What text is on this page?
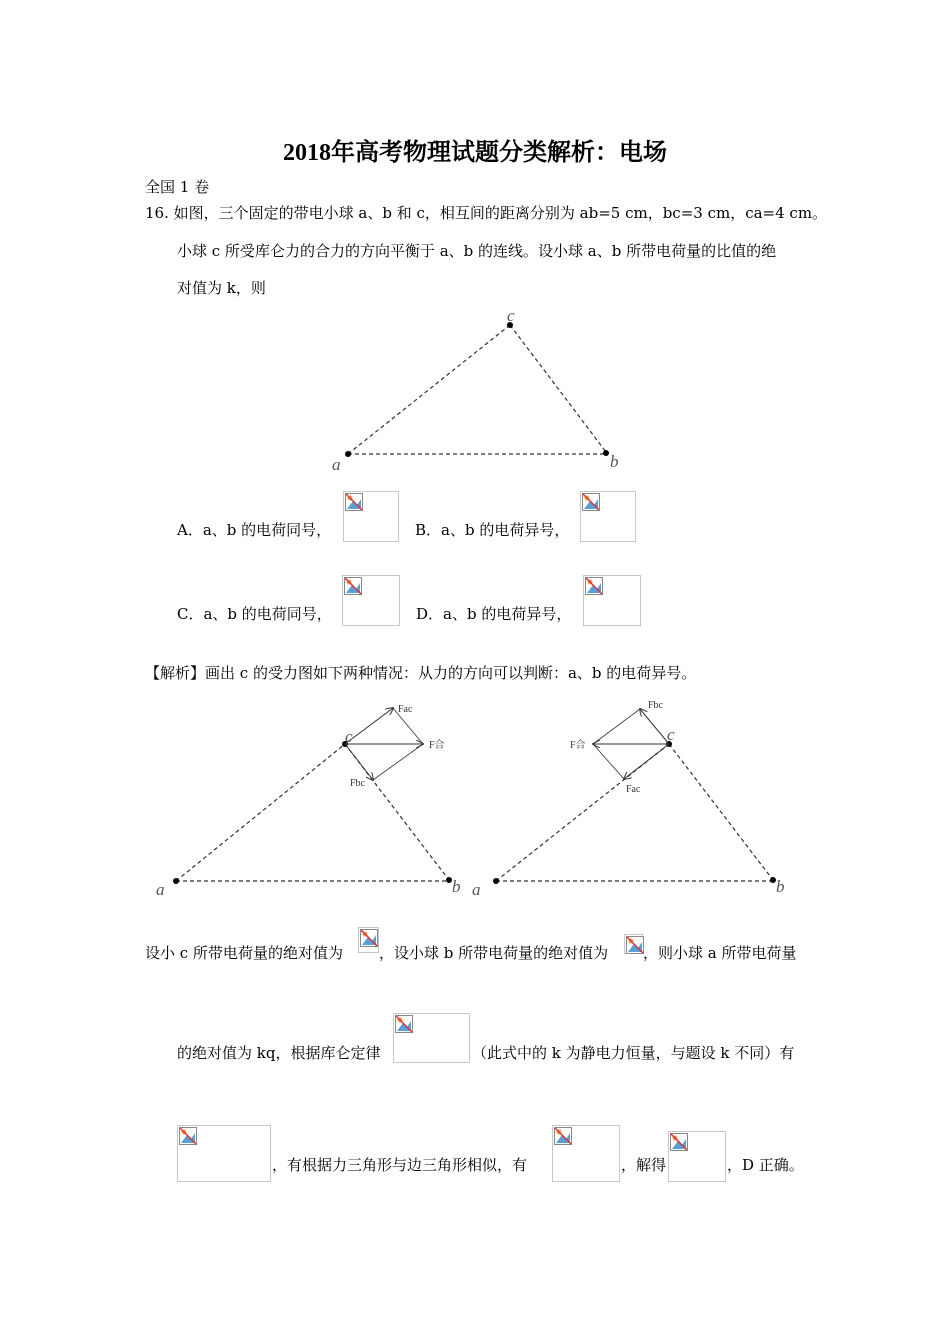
2018年高考物理试题分类解析：电场
全国 1 卷
16. 如图，三个固定的带电小球 a、b 和 c，相互间的距离分别为 ab=5 cm，bc=3 cm，ca=4 cm。
小球 c 所受库仑力的合力的方向平衡于 a、b 的连线。设小球 a、b 所带电荷量的比值的绝
对值为 k，则
a
c
b
A．a、b 的电荷同号，	B．a、b 的电荷异号，
C．a、b 的电荷同号，	D．a、b 的电荷异号，
【解析】画出 c 的受力图如下两种情况：从力的方向可以判断：a、b 的电荷异号。
a
c
b
Fac
F合
Fbc
a
c
b
Fbc
F合
Fac
设小 c 所带电荷量的绝对值为 ，设小球 b 所带电荷量的绝对值为 ，则小球 a 所带电荷量
的绝对值为 kq，根据库仑定律	（此式中的 k 为静电力恒量，与题设 k 不同）有
，有根据力三角形与边三角形相似，有	，解得	，D 正确。
